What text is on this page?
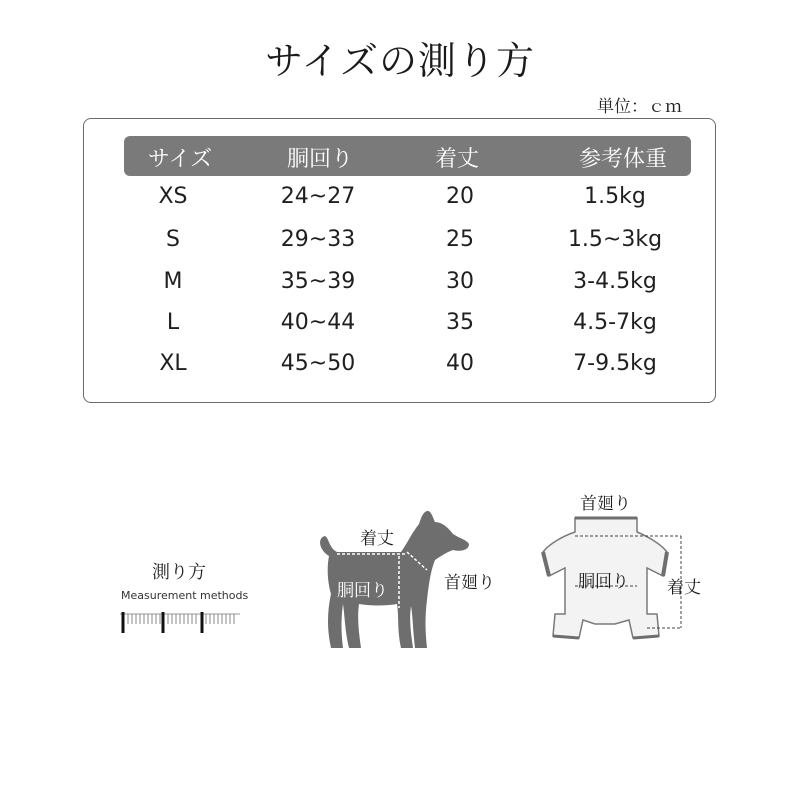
サイズの測り方
単位：ｃｍ
サイズ	胴回り	着丈	参考体重
XS	24~27	20	1.5kg
S	29~33	25	1.5~3kg
M	35~39	30	3-4.5kg
L	40~44	35	4.5-7kg
XL	45~50	40	7-9.5kg
測り方
Measurement methods
着丈
胴回り	首廻り
首廻り
胴回り 着丈
